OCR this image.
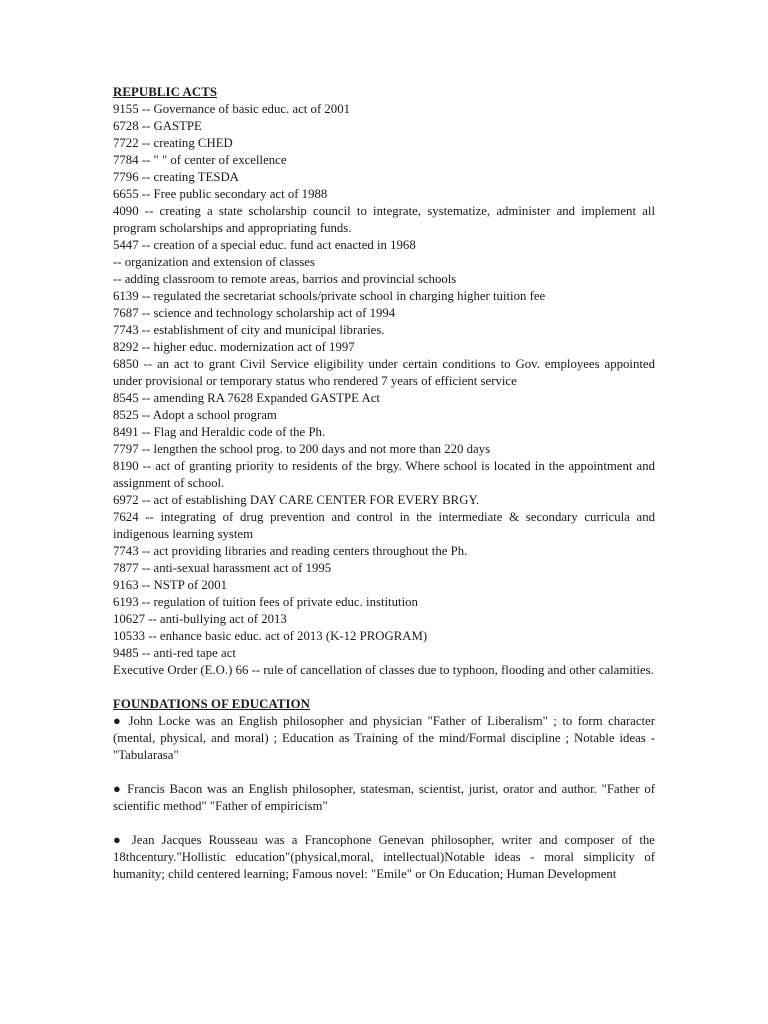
REPUBLIC ACTS
9155 -- Governance of basic educ. act of 2001
6728 -- GASTPE
7722 -- creating CHED
7784 -- " " of center of excellence
7796 -- creating TESDA
6655 -- Free public secondary act of 1988
4090 -- creating a state scholarship council to integrate, systematize, administer and implement all program scholarships and appropriating funds.
5447 -- creation of a special educ. fund act enacted in 1968
-- organization and extension of classes
-- adding classroom to remote areas, barrios and provincial schools
6139 -- regulated the secretariat schools/private school in charging higher tuition fee
7687 -- science and technology scholarship act of 1994
7743 -- establishment of city and municipal libraries.
8292 -- higher educ. modernization act of 1997
6850 -- an act to grant Civil Service eligibility under certain conditions to Gov. employees appointed under provisional or temporary status who rendered 7 years of efficient service
8545 -- amending RA 7628 Expanded GASTPE Act
8525 -- Adopt a school program
8491 -- Flag and Heraldic code of the Ph.
7797 -- lengthen the school prog. to 200 days and not more than 220 days
8190 -- act of granting priority to residents of the brgy. Where school is located in the appointment and assignment of school.
6972 -- act of establishing DAY CARE CENTER FOR EVERY BRGY.
7624 -- integrating of drug prevention and control in the intermediate & secondary curricula and indigenous learning system
7743 -- act providing libraries and reading centers throughout the Ph.
7877 -- anti-sexual harassment act of 1995
9163 -- NSTP of 2001
6193 -- regulation of tuition fees of private educ. institution
10627 -- anti-bullying act of 2013
10533 -- enhance basic educ. act of 2013 (K-12 PROGRAM)
9485 -- anti-red tape act
Executive Order (E.O.) 66 -- rule of cancellation of classes due to typhoon, flooding and other calamities.
FOUNDATIONS OF EDUCATION
● John Locke was an English philosopher and physician "Father of Liberalism" ; to form character (mental, physical, and moral) ; Education as Training of the mind/Formal discipline ; Notable ideas - "Tabularasa"
● Francis Bacon was an English philosopher, statesman, scientist, jurist, orator and author. "Father of scientific method" "Father of empiricism"
● Jean Jacques Rousseau was a Francophone Genevan philosopher, writer and composer of the 18thcentury."Hollistic education"(physical,moral, intellectual)Notable ideas - moral simplicity of humanity; child centered learning; Famous novel: "Emile" or On Education; Human Development
